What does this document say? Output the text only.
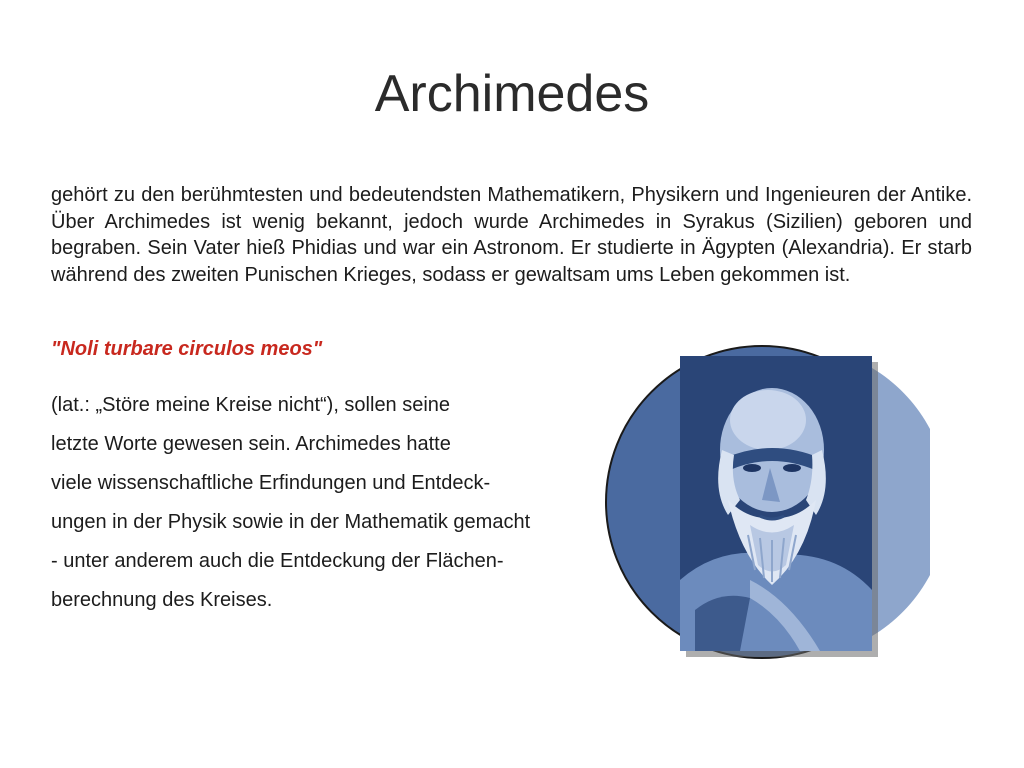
Archimedes

gehört zu den berühmtesten und bedeutendsten Mathematikern, Physikern und Ingenieuren der Antike. Über Archimedes ist wenig bekannt, jedoch wurde Archimedes in Syrakus (Sizilien) geboren und begraben. Sein Vater hieß Phidias und war ein Astronom. Er studierte in Ägypten (Alexandria). Er starb während des zweiten Punischen Krieges, sodass er gewaltsam ums Leben gekommen ist.

"Noli turbare circulos meos"

(lat.: „Störe meine Kreise nicht“), sollen seine
letzte Worte gewesen sein. Archimedes hatte
viele wissenschaftliche Erfindungen und Entdeck-
ungen in der Physik sowie in der Mathematik gemacht
- unter anderem auch die Entdeckung der Flächen-
berechnung des Kreises.
